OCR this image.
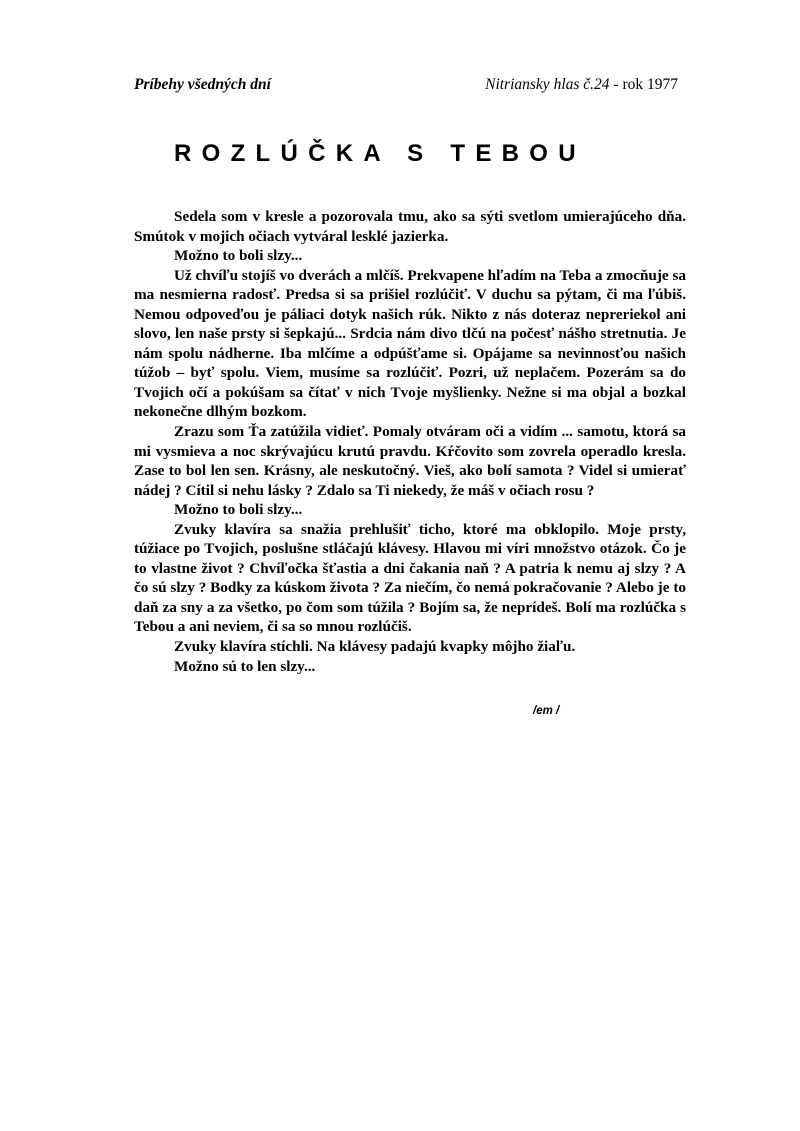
Príbehy všedných dní	Nitriansky hlas č.24 - rok 1977
ROZLÚČKA S TEBOU

Sedela som v kresle a pozorovala tmu, ako sa sýti svetlom umierajúceho dňa. Smútok v mojich očiach vytváral lesklé jazierka.

Možno to boli slzy...

Už chvíľu stojíš vo dverách a mlčíš. Prekvapene hľadím na Teba a zmocňuje sa ma nesmierna radosť. Predsa si sa prišiel rozlúčiť. V duchu sa pýtam, či ma ľúbiš. Nemou odpoveďou je páliaci dotyk našich rúk. Nikto z nás doteraz nepreriekol ani slovo, len naše prsty si šepkajú... Srdcia nám divo tlčú na počesť nášho stretnutia. Je nám spolu nádherne. Iba mlčíme a odpúšťame si. Opájame sa nevinnosťou našich túžob – byť spolu. Viem, musíme sa rozlúčiť. Pozri, už neplačem. Pozerám sa do Tvojich očí a pokúšam sa čítať v nich Tvoje myšlienky. Nežne si ma objal a bozkal nekonečne dlhým bozkom.

Zrazu som Ťa zatúžila vidieť. Pomaly otváram oči a vidím ... samotu, ktorá sa mi vysmieva a noc skrývajúcu krutú pravdu. Kŕčovito som zovrela operadlo kresla. Zase to bol len sen. Krásny, ale neskutočný. Vieš, ako bolí samota ? Videl si umierať nádej ? Cítil si nehu lásky ? Zdalo sa Ti niekedy, že máš v očiach rosu ?

Možno to boli slzy...

Zvuky klavíra sa snažia prehlušiť ticho, ktoré ma obklopilo. Moje prsty, túžiace po Tvojich, poslušne stláčajú klávesy. Hlavou mi víri množstvo otázok. Čo je to vlastne život ? Chvíľočka šťastia a dni čakania naň ? A patria k nemu aj slzy ? A čo sú slzy ? Bodky za kúskom života ? Za niečím, čo nemá pokračovanie ? Alebo je to daň za sny a za všetko, po čom som túžila ? Bojím sa, že neprídeš. Bolí ma rozlúčka s Tebou a ani neviem, či sa so mnou rozlúčiš.

Zvuky klavíra stíchli. Na klávesy padajú kvapky môjho žiaľu.

Možno sú to len slzy...

/em /
